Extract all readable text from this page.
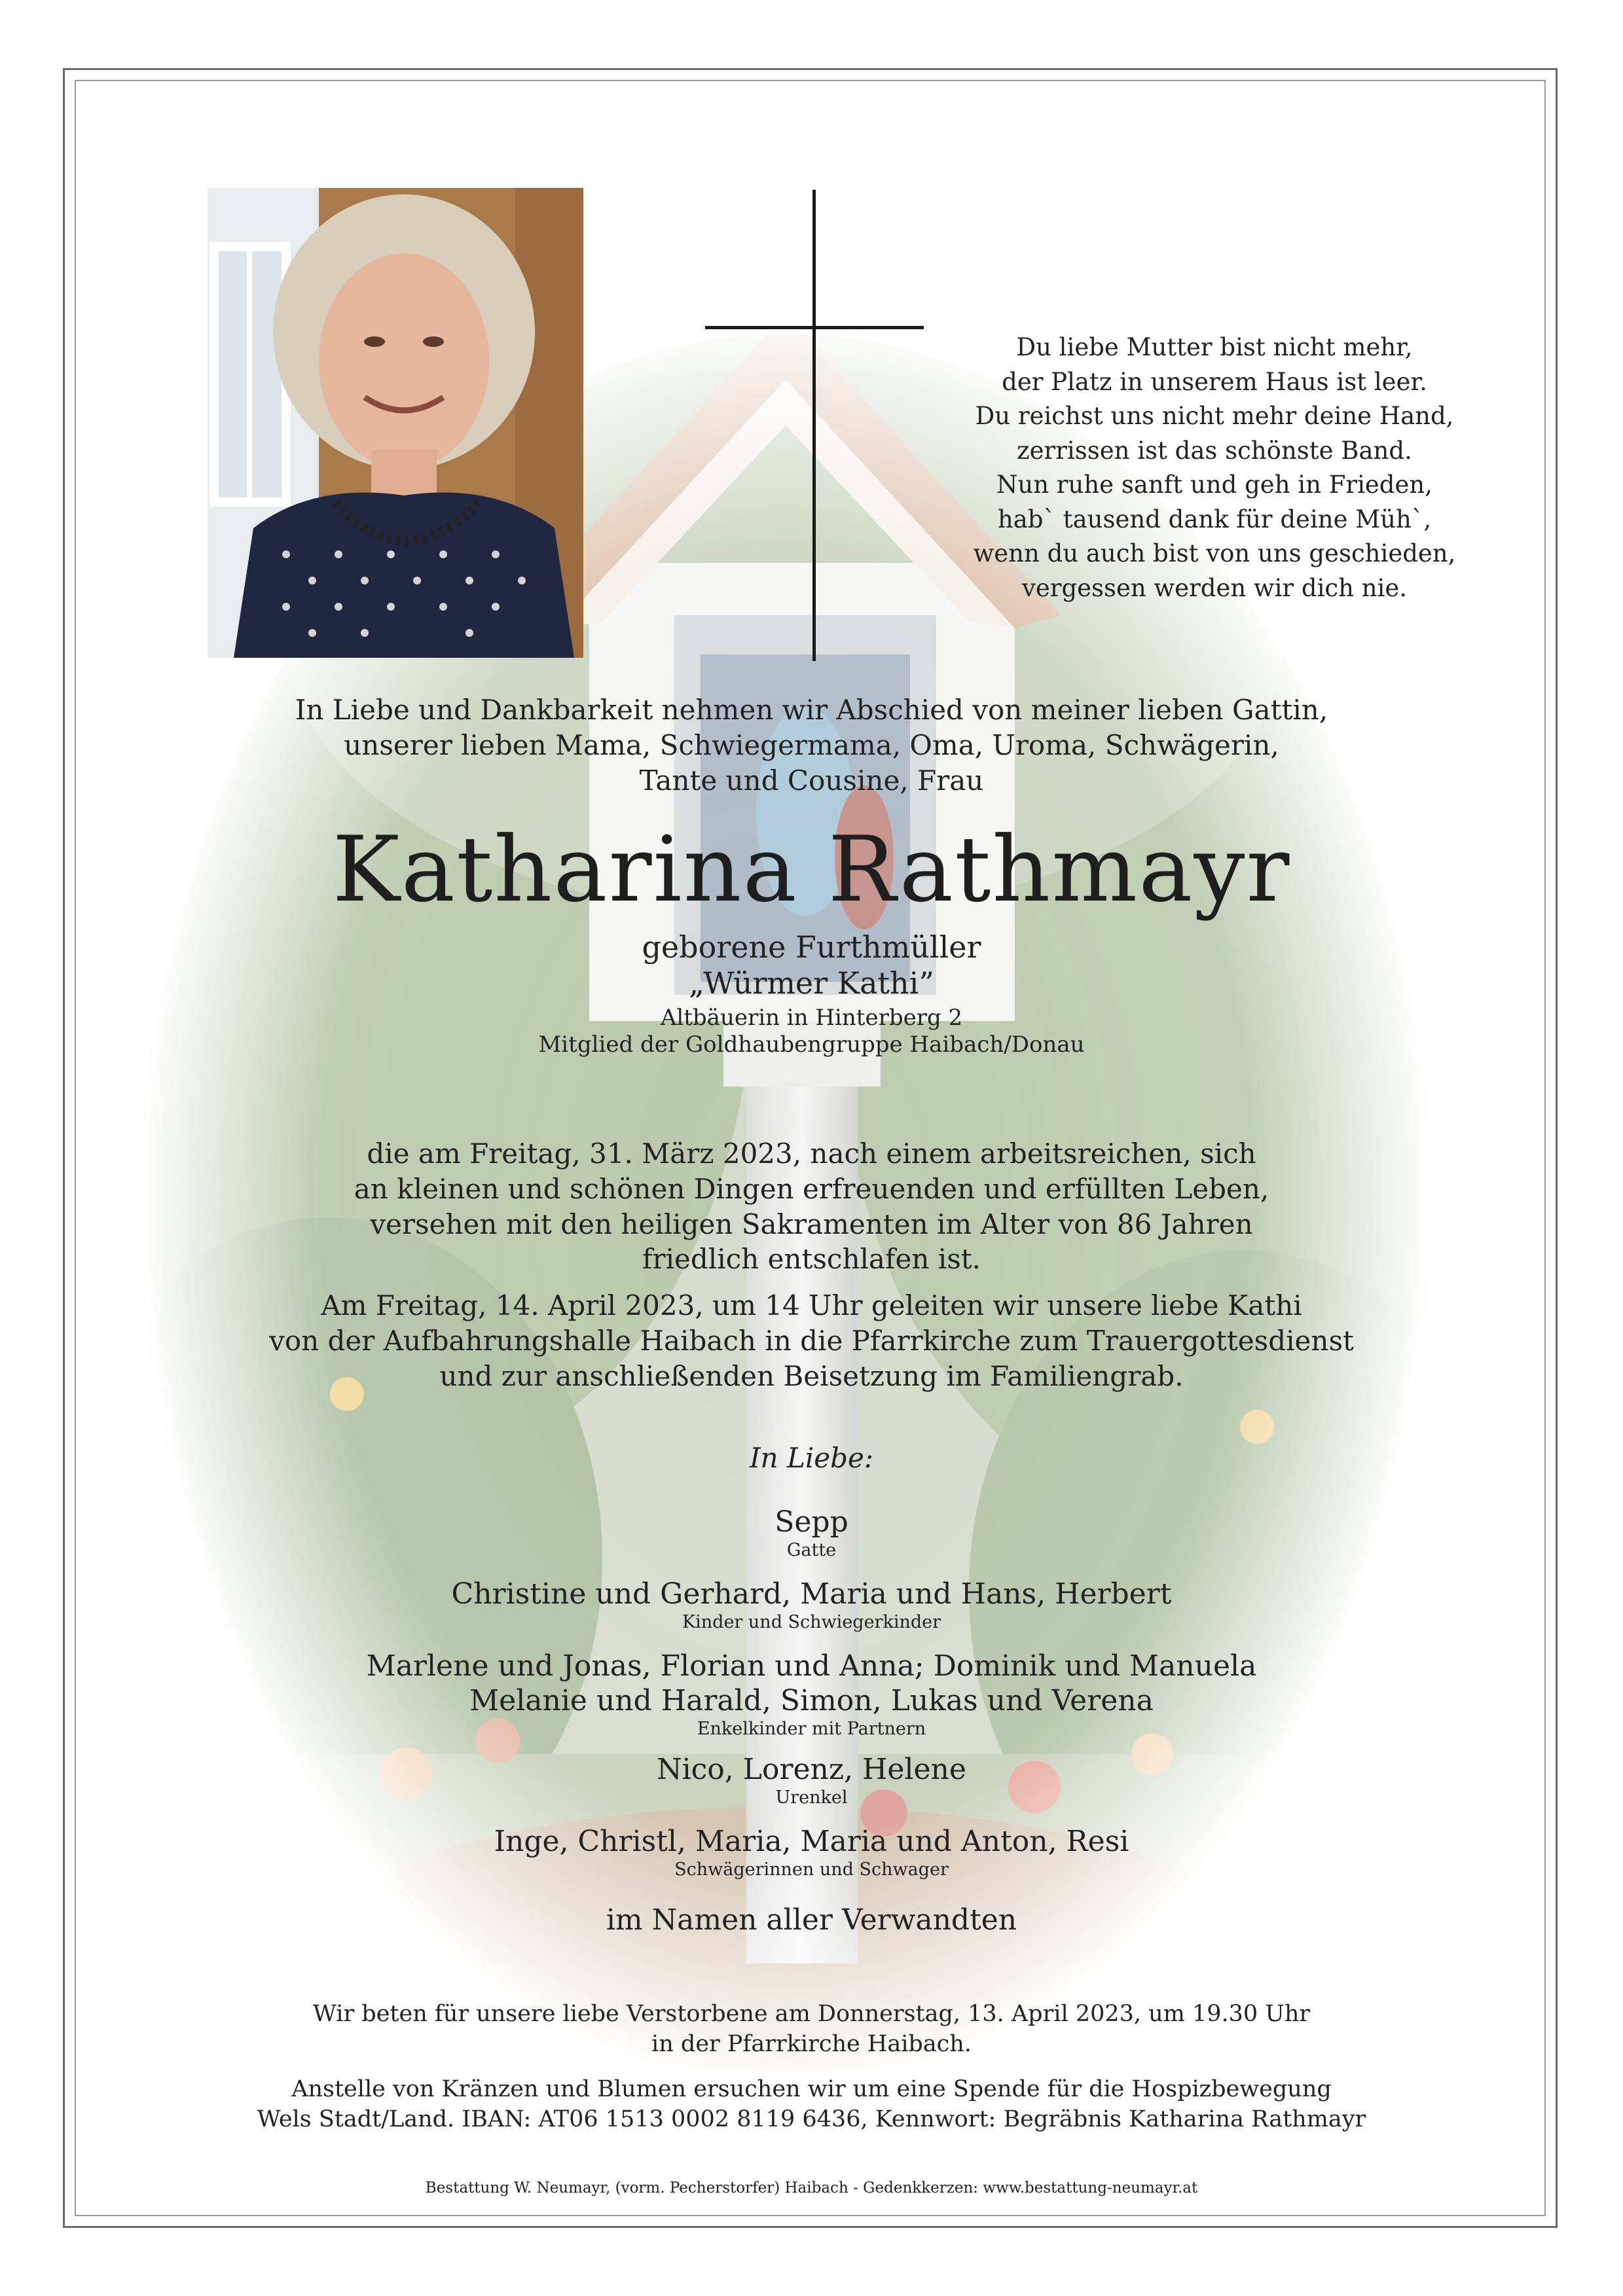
Du liebe Mutter bist nicht mehr,
der Platz in unserem Haus ist leer.
Du reichst uns nicht mehr deine Hand,
zerrissen ist das schönste Band.
Nun ruhe sanft und geh in Frieden,
hab` tausend dank für deine Müh`,
wenn du auch bist von uns geschieden,
vergessen werden wir dich nie.
In Liebe und Dankbarkeit nehmen wir Abschied von meiner lieben Gattin,
unserer lieben Mama, Schwiegermama, Oma, Uroma, Schwägerin,
Tante und Cousine, Frau
Katharina Rathmayr
geborene Furthmüller
„Würmer Kathi”
Altbäuerin in Hinterberg 2
Mitglied der Goldhaubengruppe Haibach/Donau
die am Freitag, 31. März 2023, nach einem arbeitsreichen, sich
an kleinen und schönen Dingen erfreuenden und erfüllten Leben,
versehen mit den heiligen Sakramenten im Alter von 86 Jahren
friedlich entschlafen ist.
Am Freitag, 14. April 2023, um 14 Uhr geleiten wir unsere liebe Kathi
von der Aufbahrungshalle Haibach in die Pfarrkirche zum Trauergottesdienst
und zur anschließenden Beisetzung im Familiengrab.
In Liebe:
Sepp
Gatte
Christine und Gerhard, Maria und Hans, Herbert
Kinder und Schwiegerkinder
Marlene und Jonas, Florian und Anna; Dominik und Manuela
Melanie und Harald, Simon, Lukas und Verena
Enkelkinder mit Partnern
Nico, Lorenz, Helene
Urenkel
Inge, Christl, Maria, Maria und Anton, Resi
Schwägerinnen und Schwager
im Namen aller Verwandten
Wir beten für unsere liebe Verstorbene am Donnerstag, 13. April 2023, um 19.30 Uhr
in der Pfarrkirche Haibach.
Anstelle von Kränzen und Blumen ersuchen wir um eine Spende für die Hospizbewegung
Wels Stadt/Land. IBAN: AT06 1513 0002 8119 6436, Kennwort: Begräbnis Katharina Rathmayr
Bestattung W. Neumayr, (vorm. Pecherstorfer) Haibach - Gedenkkerzen: www.bestattung-neumayr.at
